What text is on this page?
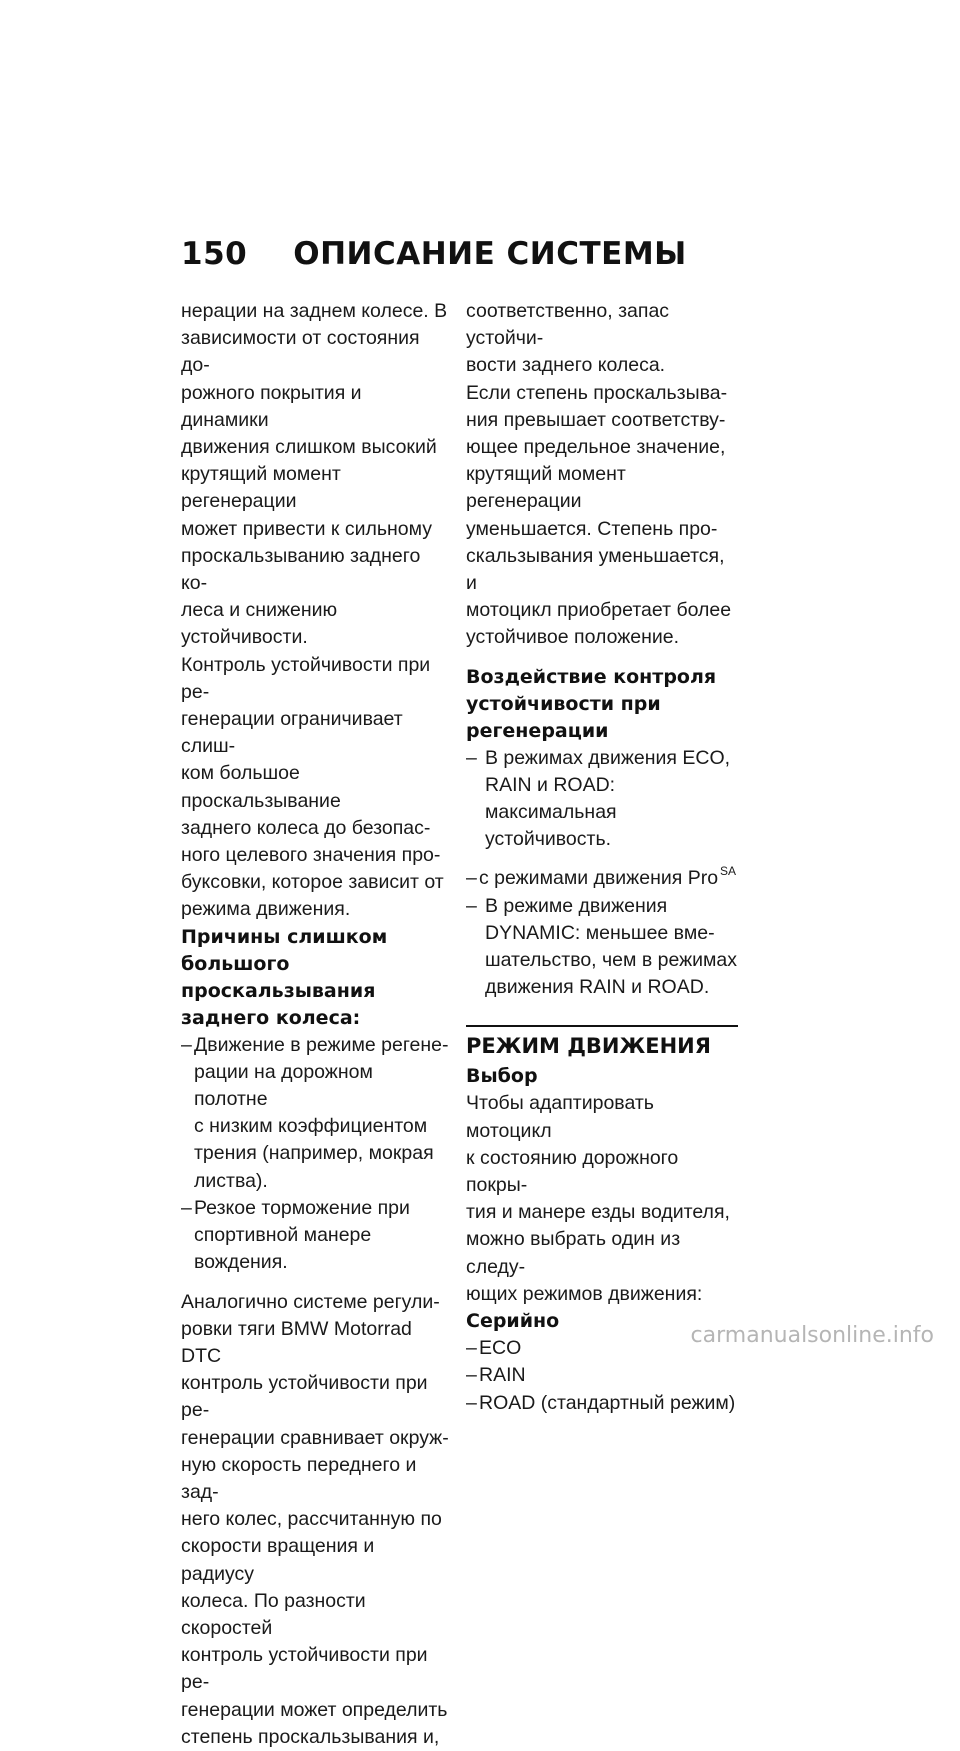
150 ОПИСАНИЕ СИСТЕМЫ

нерации на заднем колесе. В
зависимости от состояния до-
рожного покрытия и динамики
движения слишком высокий
крутящий момент регенерации
может привести к сильному
проскальзыванию заднего ко-
леса и снижению устойчивости.
Контроль устойчивости при ре-
генерации ограничивает слиш-
ком большое проскальзывание
заднего колеса до безопас-
ного целевого значения про-
буксовки, которое зависит от
режима движения.

Причины слишком
большого проскальзывания
заднего колеса:

– Движение в режиме регене-
рации на дорожном полотне
с низким коэффициентом
трения (например, мокрая
листва).

– Резкое торможение при
спортивной манере вождения.

Аналогично системе регули-
ровки тяги BMW Motorrad DTC
контроль устойчивости при ре-
генерации сравнивает окруж-
ную скорость переднего и зад-
него колес, рассчитанную по
скорости вращения и радиусу
колеса. По разности скоростей
контроль устойчивости при ре-
генерации может определить
степень проскальзывания и,

соответственно, запас устойчи-
вости заднего колеса.

Если степень проскальзыва-
ния превышает соответству-
ющее предельное значение,
крутящий момент регенерации
уменьшается. Степень про-
скальзывания уменьшается, и
мотоцикл приобретает более
устойчивое положение.

Воздействие контроля
устойчивости при
регенерации

– В режимах движения ECO,
RAIN и ROAD: максимальная
устойчивость.

– с режимами движения Pro $^{SA}$

– В режиме движения
DYNAMIC: меньшее вме-
шательство, чем в режимах
движения RAIN и ROAD.

РЕЖИМ ДВИЖЕНИЯ

Выбор

Чтобы адаптировать мотоцикл
к состоянию дорожного покры-
тия и манере езды водителя,
можно выбрать один из следу-
ющих режимов движения:

Серийно

– ECO

– RAIN

– ROAD (стандартный режим)

carmanualsonline.info
